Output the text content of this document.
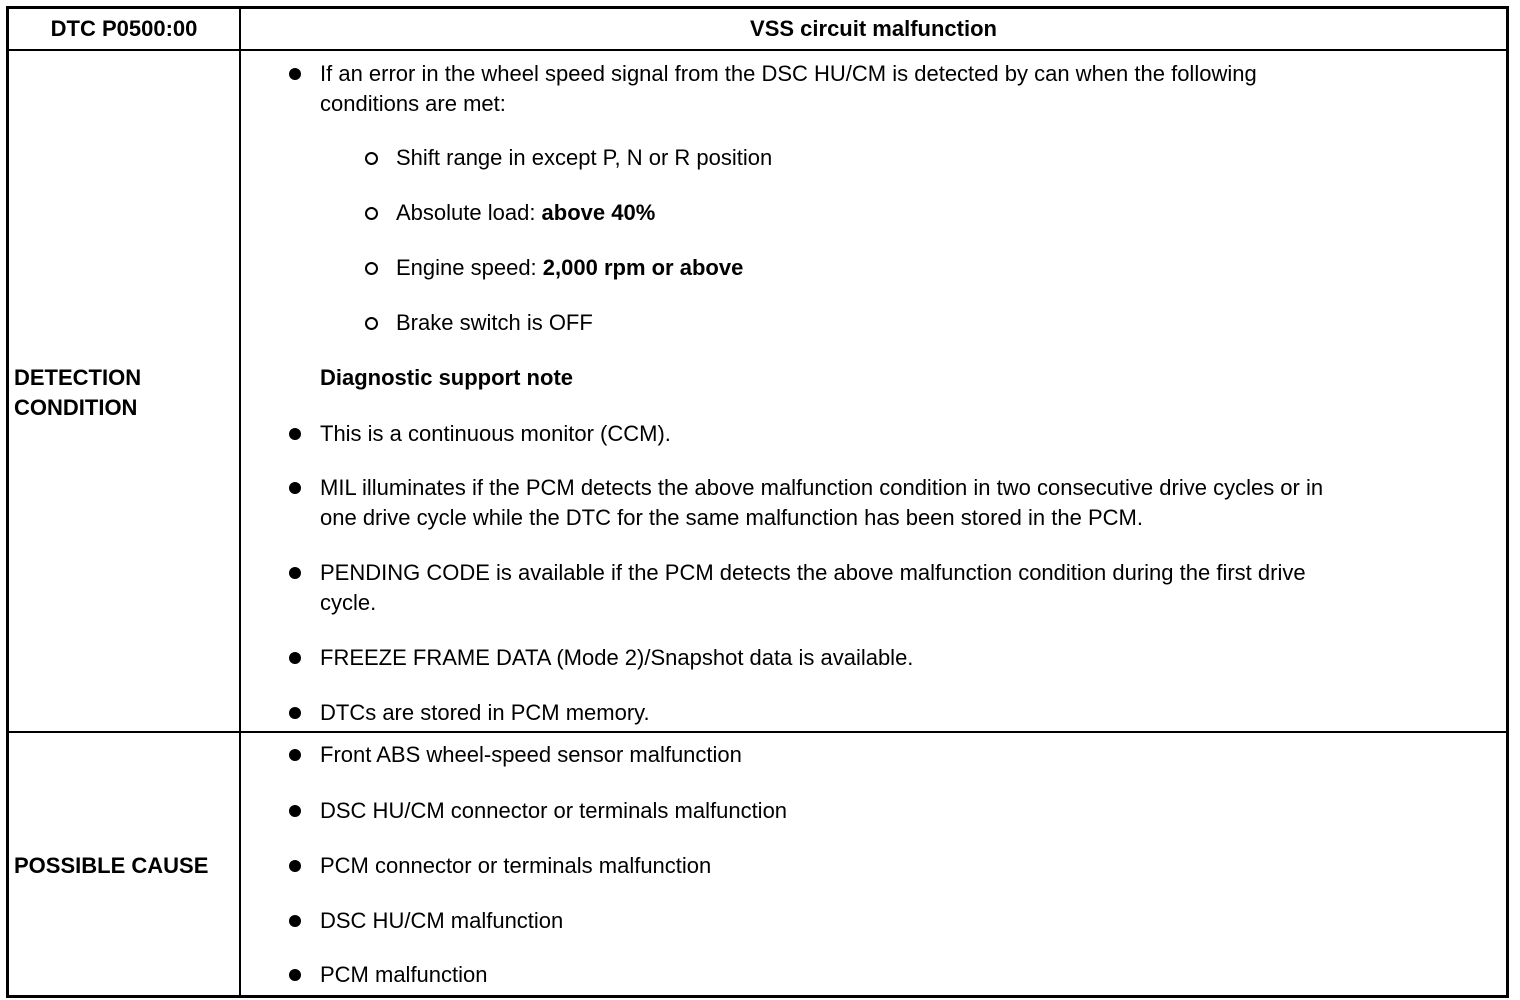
DTC P0500:00	VSS circuit malfunction
DETECTION
CONDITION
POSSIBLE CAUSE
If an error in the wheel speed signal from the DSC HU/CM is detected by can when the following
conditions are met:
Shift range in except P, N or R position
Absolute load: above 40%
Engine speed: 2,000 rpm or above
Brake switch is OFF
Diagnostic support note
This is a continuous monitor (CCM).
MIL illuminates if the PCM detects the above malfunction condition in two consecutive drive cycles or in
one drive cycle while the DTC for the same malfunction has been stored in the PCM.
PENDING CODE is available if the PCM detects the above malfunction condition during the first drive
cycle.
FREEZE FRAME DATA (Mode 2)/Snapshot data is available.
DTCs are stored in PCM memory.
Front ABS wheel-speed sensor malfunction
DSC HU/CM connector or terminals malfunction
PCM connector or terminals malfunction
DSC HU/CM malfunction
PCM malfunction
